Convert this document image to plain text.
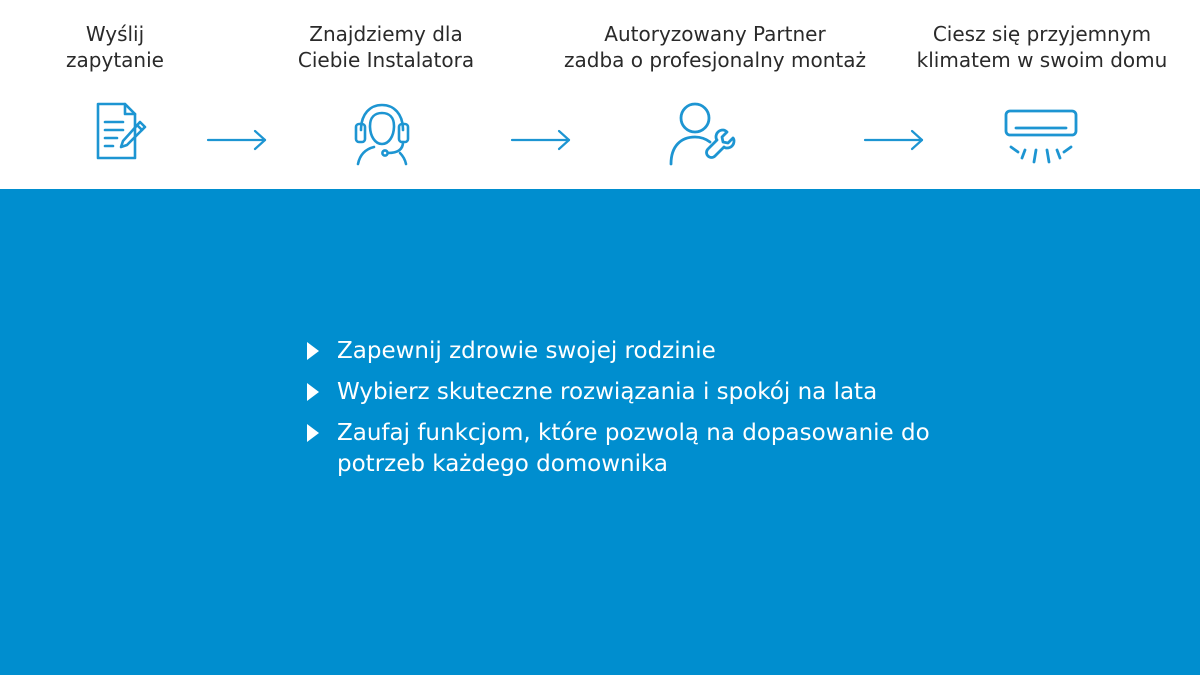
Wyślij
zapytanie
Znajdziemy dla
Ciebie Instalatora
Autoryzowany Partner
zadba o profesjonalny montaż
Ciesz się przyjemnym
klimatem w swoim domu
Zapewnij zdrowie swojej rodzinie
Wybierz skuteczne rozwiązania i spokój na lata
Zaufaj funkcjom, które pozwolą na dopasowanie do potrzeb każdego domownika
